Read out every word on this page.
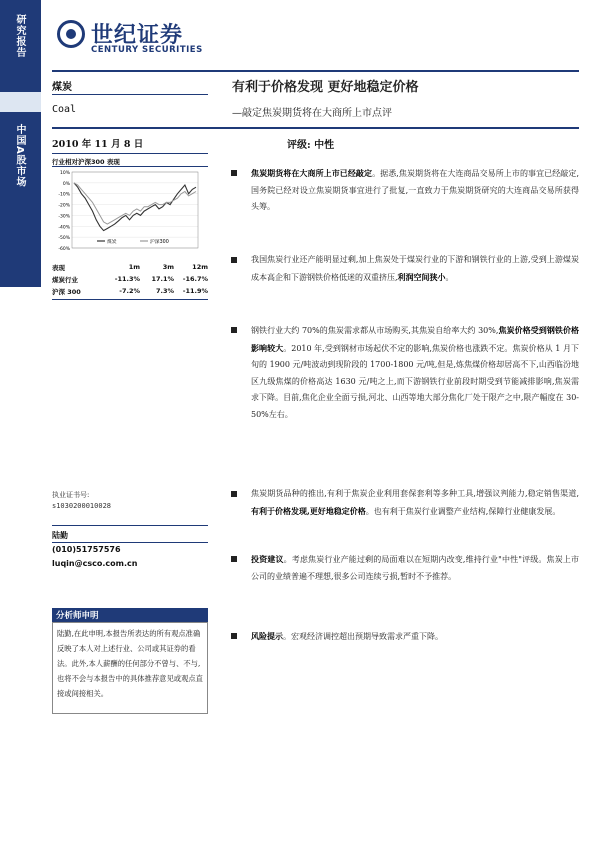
研究报告
中国A股市场
世纪证券
CENTURY SECURITIES
煤炭
Coal
有利于价格发现 更好地稳定价格
—敲定焦炭期货将在大商所上市点评
2010 年 11 月 8 日	评级: 中性
行业相对沪深300 表现
10%
0%
-10%
-20%
-30%
-40%
-50%
-60%
煤炭	沪深300
表现	1m	3m	12m
煤炭行业	-11.3%	17.1%	-16.7%
沪深 300	-7.2%	7.3%	-11.9%
执业证书号:
s1030200010028
陆勤
(010)51757576
luqin@csco.com.cn
分析师申明
陆勤,在此申明,本报告所表达的所有观点准确反映了本人对上述行业、公司或其证券的看法。此外,本人薪酬的任何部分不曾与、不与,也将不会与本报告中的具体推荐意见或观点直接或间接相关。
焦炭期货将在大商所上市已经敲定。据悉,焦炭期货将在大连商品交易所上市的事宜已经敲定,国务院已经对设立焦炭期货事宜进行了批复,一直致力于焦炭期货研究的大连商品交易所获得头筹。
我国焦炭行业还产能明显过剩,加上焦炭处于煤炭行业的下游和钢铁行业的上游,受到上游煤炭成本高企和下游钢铁价格低迷的双重挤压,利润空间狭小。
钢铁行业大约 70%的焦炭需求都从市场购买,其焦炭自给率大约 30%,焦炭价格受到钢铁价格影响较大。2010 年,受到钢材市场起伏不定的影响,焦炭价格也涨跌不定。焦炭价格从 1 月下旬的 1900 元/吨波动到现阶段的 1700-1800 元/吨,但是,炼焦煤价格却居高不下,山西临汾地区九级焦煤的价格高达 1630 元/吨之上,而下游钢铁行业前段时期受到节能减排影响,焦炭需求下降。目前,焦化企业全面亏损,河北、山西等地大部分焦化厂处于限产之中,限产幅度在 30-50%左右。
焦炭期货品种的推出,有利于焦炭企业利用套保套利等多种工具,增强议判能力,稳定销售渠道,有利于价格发现,更好地稳定价格。也有利于焦炭行业调整产业结构,保障行业健康发展。
投资建议。考虑焦炭行业产能过剩的局面难以在短期内改变,维持行业"中性"评级。焦炭上市公司的业绩普遍不理想,很多公司连续亏损,暂时不予推荐。
风险提示。宏观经济调控超出预期导致需求严重下降。
